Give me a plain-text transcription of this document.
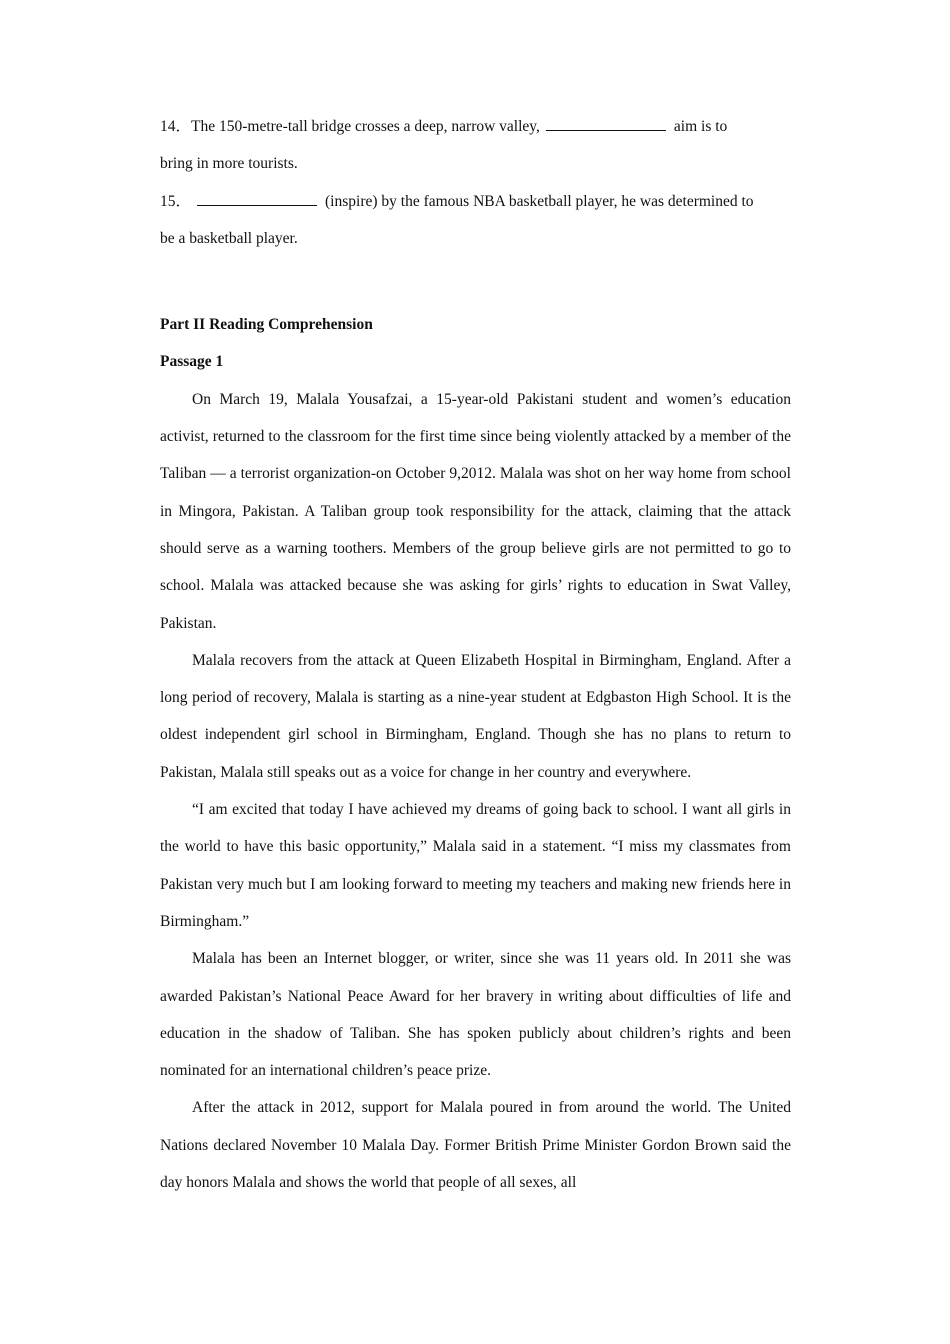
14．The 150-metre-tall bridge crosses a deep, narrow valley,	aim is to

bring in more tourists.

15．	(inspire) by the famous NBA basketball player, he was determined to

be a basketball player.

Part II Reading Comprehension

Passage 1

On March 19, Malala Yousafzai, a 15-year-old Pakistani student and women’s education activist, returned to the classroom for the first time since being violently attacked by a member of the Taliban — a terrorist organization-on October 9,2012. Malala was shot on her way home from school in Mingora, Pakistan. A Taliban group took responsibility for the attack, claiming that the attack should serve as a warning toothers. Members of the group believe girls are not permitted to go to school. Malala was attacked because she was asking for girls’ rights to education in Swat Valley, Pakistan.

Malala recovers from the attack at Queen Elizabeth Hospital in Birmingham, England. After a long period of recovery, Malala is starting as a nine-year student at Edgbaston High School. It is the oldest independent girl school in Birmingham, England. Though she has no plans to return to Pakistan, Malala still speaks out as a voice for change in her country and everywhere.

“I am excited that today I have achieved my dreams of going back to school. I want all girls in the world to have this basic opportunity,” Malala said in a statement. “I miss my classmates from Pakistan very much but I am looking forward to meeting my teachers and making new friends here in Birmingham.”

Malala has been an Internet blogger, or writer, since she was 11 years old. In 2011 she was awarded Pakistan’s National Peace Award for her bravery in writing about difficulties of life and education in the shadow of Taliban. She has spoken publicly about children’s rights and been nominated for an international children’s peace prize.

After the attack in 2012, support for Malala poured in from around the world. The United Nations declared November 10 Malala Day. Former British Prime Minister Gordon Brown said the day honors Malala and shows the world that people of all sexes, all
